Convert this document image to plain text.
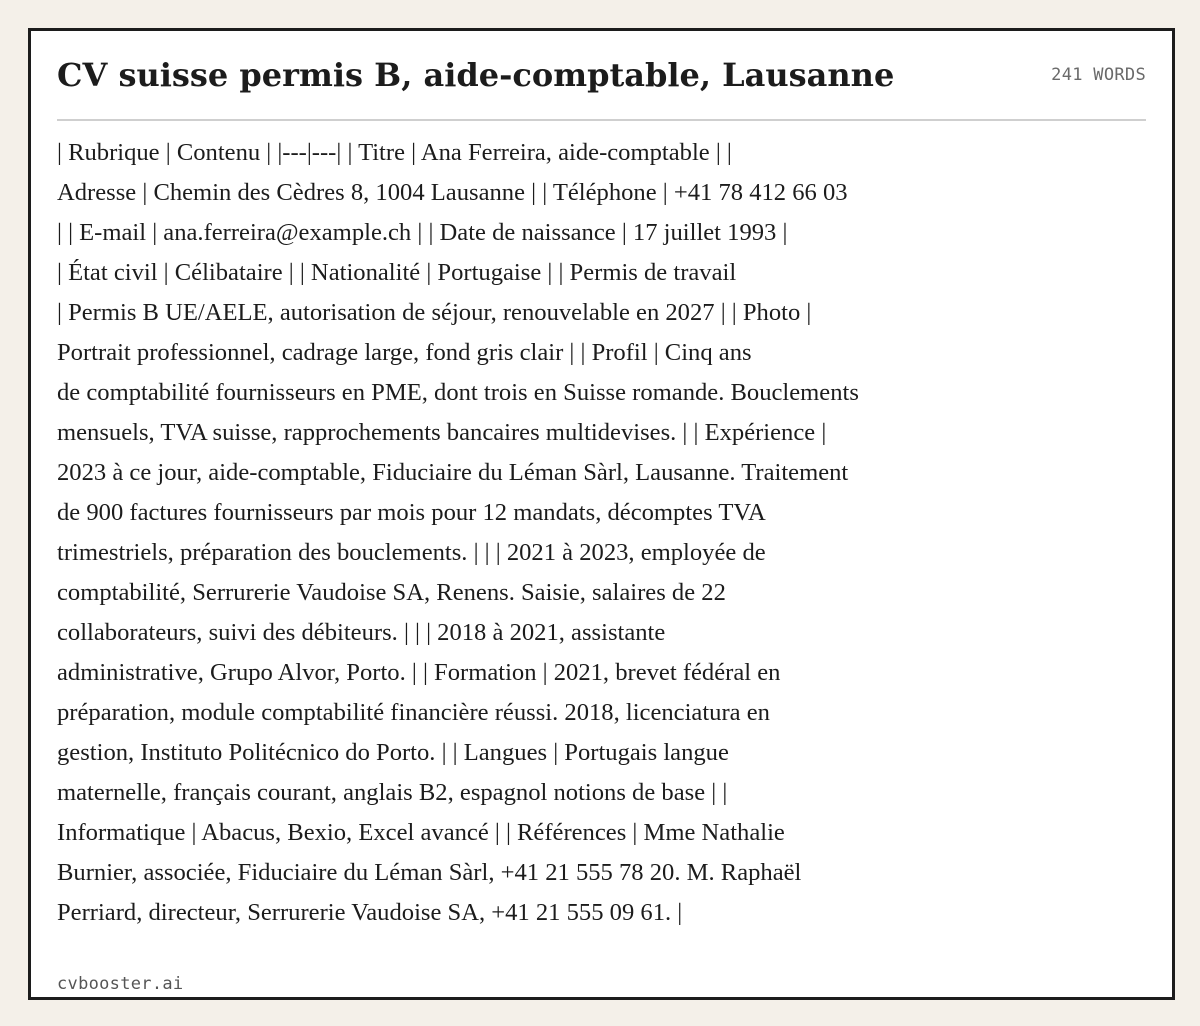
CV suisse permis B, aide-comptable, Lausanne	241 WORDS

| Rubrique | Contenu | |---|---| | Titre | Ana Ferreira, aide-comptable | |

Adresse | Chemin des Cèdres 8, 1004 Lausanne | | Téléphone | +41 78 412 66 03

| | E-mail | ana.ferreira@example.ch | | Date de naissance | 17 juillet 1993 |

| État civil | Célibataire | | Nationalité | Portugaise | | Permis de travail

| Permis B UE/AELE, autorisation de séjour, renouvelable en 2027 | | Photo |

Portrait professionnel, cadrage large, fond gris clair | | Profil | Cinq ans

de comptabilité fournisseurs en PME, dont trois en Suisse romande. Bouclements

mensuels, TVA suisse, rapprochements bancaires multidevises. | | Expérience |

2023 à ce jour, aide-comptable, Fiduciaire du Léman Sàrl, Lausanne. Traitement

de 900 factures fournisseurs par mois pour 12 mandats, décomptes TVA

trimestriels, préparation des bouclements. | | | 2021 à 2023, employée de

comptabilité, Serrurerie Vaudoise SA, Renens. Saisie, salaires de 22

collaborateurs, suivi des débiteurs. | | | 2018 à 2021, assistante

administrative, Grupo Alvor, Porto. | | Formation | 2021, brevet fédéral en

préparation, module comptabilité financière réussi. 2018, licenciatura en

gestion, Instituto Politécnico do Porto. | | Langues | Portugais langue

maternelle, français courant, anglais B2, espagnol notions de base | |

Informatique | Abacus, Bexio, Excel avancé | | Références | Mme Nathalie

Burnier, associée, Fiduciaire du Léman Sàrl, +41 21 555 78 20. M. Raphaël

Perriard, directeur, Serrurerie Vaudoise SA, +41 21 555 09 61. |

cvbooster.ai
